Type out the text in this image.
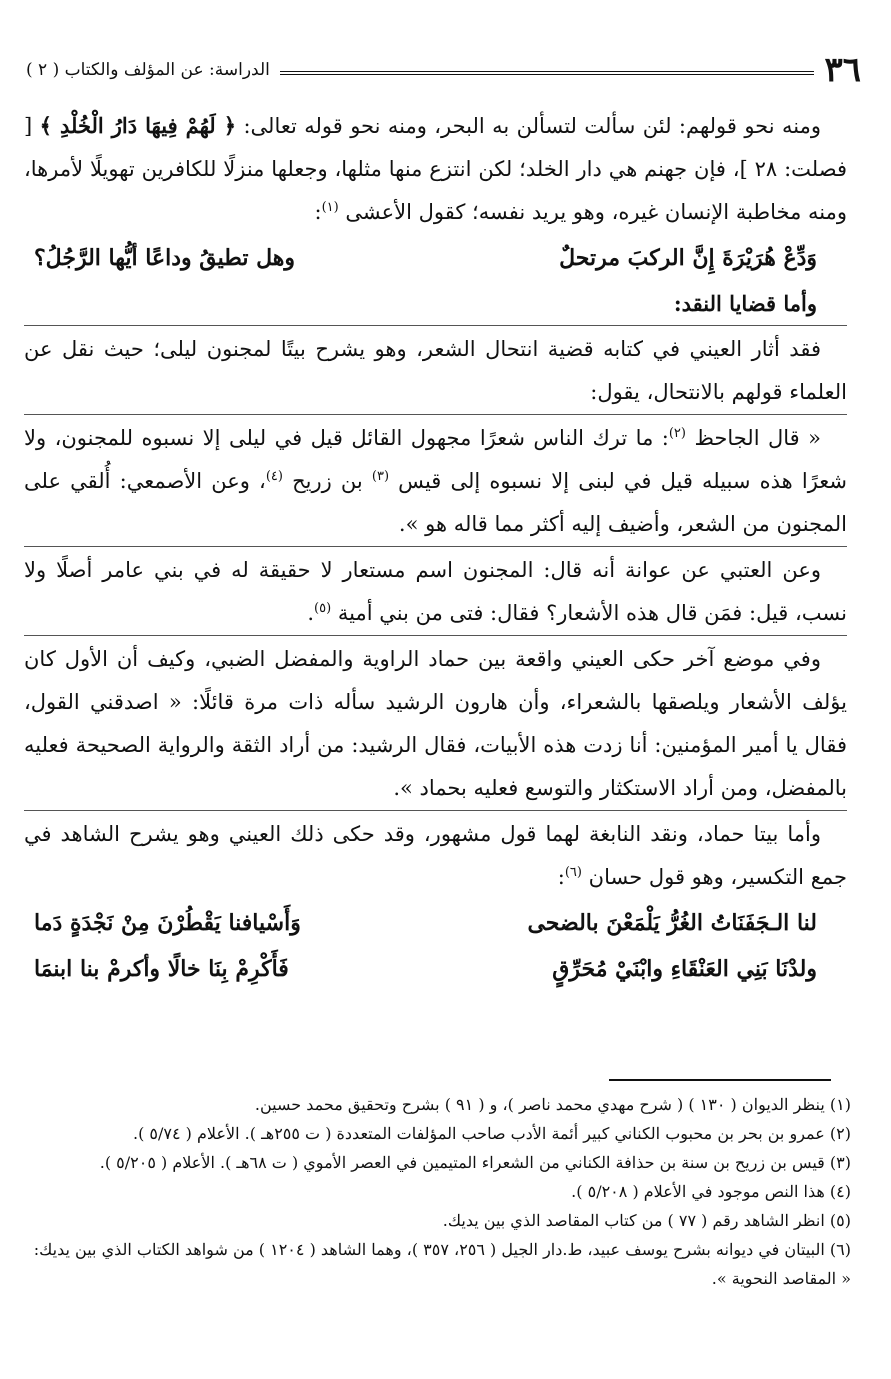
٣٦
الدراسة: عن المؤلف والكتاب ( ٢ )

ومنه نحو قولهم: لئن سألت لتسألن به البحر، ومنه نحو قوله تعالى: ﴿ لَهُمْ فِيهَا دَارُ الْخُلْدِ ﴾ [ فصلت: ٢٨ ]، فإن جهنم هي دار الخلد؛ لكن انتزع منها مثلها، وجعلها منزلًا للكافرين تهويلًا لأمرها، ومنه مخاطبة الإنسان غيره، وهو يريد نفسه؛ كقول الأعشى $^{(١)}$:

وَدِّعْ هُرَيْرَةَ إِنَّ الركبَ مرتحلٌ
وهل تطيقُ وداعًا أيُّها الرَّجُلُ؟

وأما قضايا النقد:

فقد أثار العيني في كتابه قضية انتحال الشعر، وهو يشرح بيتًا لمجنون ليلى؛ حيث نقل عن العلماء قولهم بالانتحال، يقول:

« قال الجاحظ $^{(٢)}$: ما ترك الناس شعرًا مجهول القائل قيل في ليلى إلا نسبوه للمجنون، ولا شعرًا هذه سبيله قيل في لبنى إلا نسبوه إلى قيس $^{(٣)}$ بن زريح $^{(٤)}$، وعن الأصمعي: أُلقي على المجنون من الشعر، وأضيف إليه أكثر مما قاله هو ».

وعن العتبي عن عوانة أنه قال: المجنون اسم مستعار لا حقيقة له في بني عامر أصلًا ولا نسب، قيل: فمَن قال هذه الأشعار؟ فقال: فتى من بني أمية $^{(٥)}$.

وفي موضع آخر حكى العيني واقعة بين حماد الراوية والمفضل الضبي، وكيف أن الأول كان يؤلف الأشعار ويلصقها بالشعراء، وأن هارون الرشيد سأله ذات مرة قائلًا: « اصدقني القول، فقال يا أمير المؤمنين: أنا زدت هذه الأبيات، فقال الرشيد: من أراد الثقة والرواية الصحيحة فعليه بالمفضل، ومن أراد الاستكثار والتوسع فعليه بحماد ».

وأما بيتا حماد، ونقد النابغة لهما قول مشهور، وقد حكى ذلك العيني وهو يشرح الشاهد في جمع التكسير، وهو قول حسان $^{(٦)}$:

لنا الـجَفَنَاتُ الغُرُّ يَلْمَعْنَ بالضحى
وَأَسْيافنا يَقْطُرْنَ مِنْ نَجْدَةٍ دَما
ولدْنَا بَنِي العَنْقَاءِ وابْنَيْ مُحَرِّقٍ
فَأَكْرِمْ بِنَا خالًا وأكرمْ بنا ابنمَا

(١) ينظر الديوان ( ١٣٠ ) ( شرح مهدي محمد ناصر )، و ( ٩١ ) بشرح وتحقيق محمد حسين.

(٢) عمرو بن بحر بن محبوب الكناني كبير أئمة الأدب صاحب المؤلفات المتعددة ( ت ٢٥٥هـ ). الأعلام ( ٥/٧٤ ).

(٣) قيس بن زريح بن سنة بن حذافة الكناني من الشعراء المتيمين في العصر الأموي ( ت ٦٨هـ ). الأعلام ( ٥/٢٠٥ ).

(٤) هذا النص موجود في الأعلام ( ٥/٢٠٨ ).

(٥) انظر الشاهد رقم ( ٧٧ ) من كتاب المقاصد الذي بين يديك.

(٦) البيتان في ديوانه بشرح يوسف عبيد، ط.دار الجيل ( ٢٥٦، ٣٥٧ )، وهما الشاهد ( ١٢٠٤ ) من شواهد الكتاب الذي بين يديك: « المقاصد النحوية ».
